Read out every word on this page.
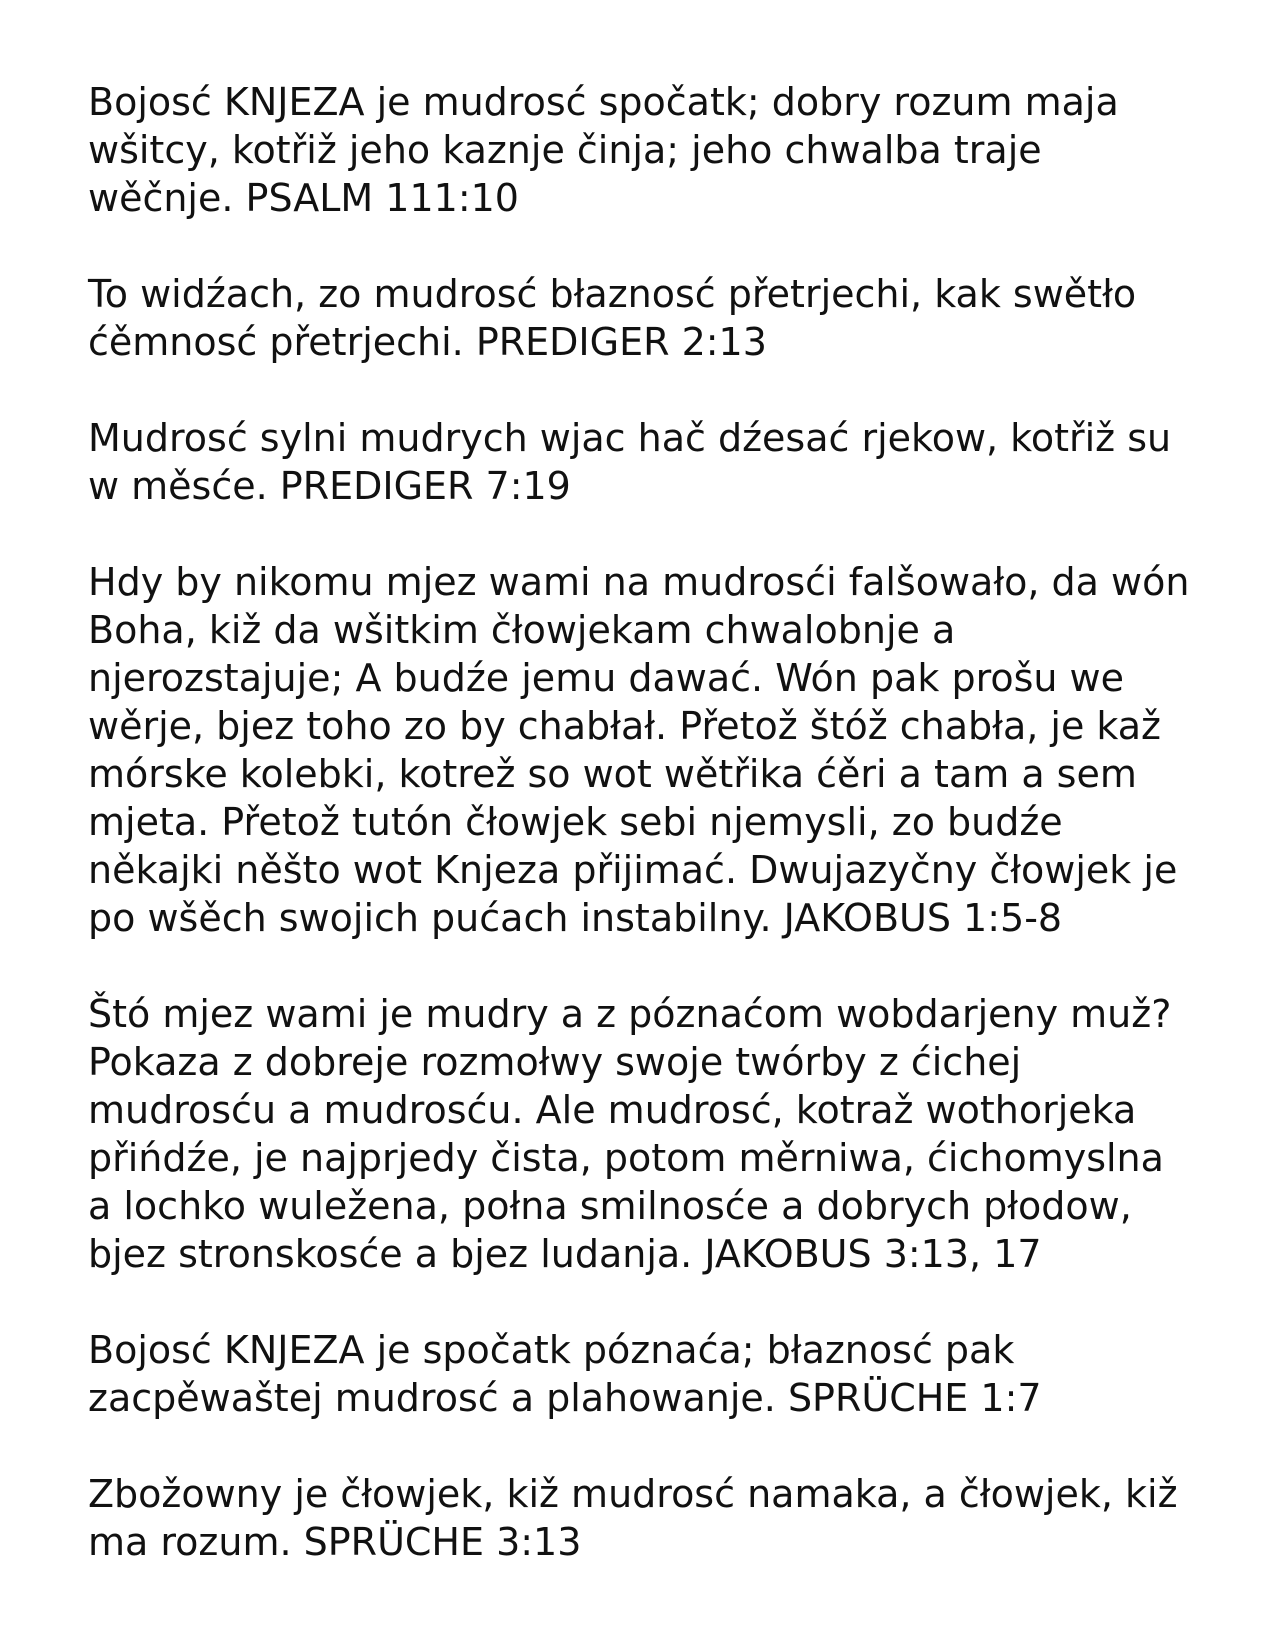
Bojosć KNJEZA je mudrosć spočatk; dobry rozum maja
wšitcy, kotřiž jeho kaznje činja; jeho chwalba traje
wěčnje. PSALM 111:10

To widźach, zo mudrosć błaznosć přetrjechi, kak swětło
ćěmnosć přetrjechi. PREDIGER 2:13

Mudrosć sylni mudrych wjac hač dźesać rjekow, kotřiž su
w měsće. PREDIGER 7:19

Hdy by nikomu mjez wami na mudrosći falšowało, da wón
Boha, kiž da wšitkim čłowjekam chwalobnje a
njerozstajuje; A budźe jemu dawać. Wón pak prošu we
wěrje, bjez toho zo by chabłał. Přetož štóž chabła, je kaž
mórske kolebki, kotrež so wot wětřika ćěri a tam a sem
mjeta. Přetož tutón čłowjek sebi njemysli, zo budźe
někajki něšto wot Knjeza přijimać. Dwujazyčny čłowjek je
po wšěch swojich pućach instabilny. JAKOBUS 1:5-8

Štó mjez wami je mudry a z póznaćom wobdarjeny muž?
Pokaza z dobreje rozmołwy swoje twórby z ćichej
mudrosću a mudrosću. Ale mudrosć, kotraž wothorjeka
přińdźe, je najprjedy čista, potom měrniwa, ćichomyslna
a lochko wuležena, połna smilnosće a dobrych płodow,
bjez stronskosće a bjez ludanja. JAKOBUS 3:13, 17

Bojosć KNJEZA je spočatk póznaća; błaznosć pak
zacpěwaštej mudrosć a plahowanje. SPRÜCHE 1:7

Zbožowny je čłowjek, kiž mudrosć namaka, a čłowjek, kiž
ma rozum. SPRÜCHE 3:13
